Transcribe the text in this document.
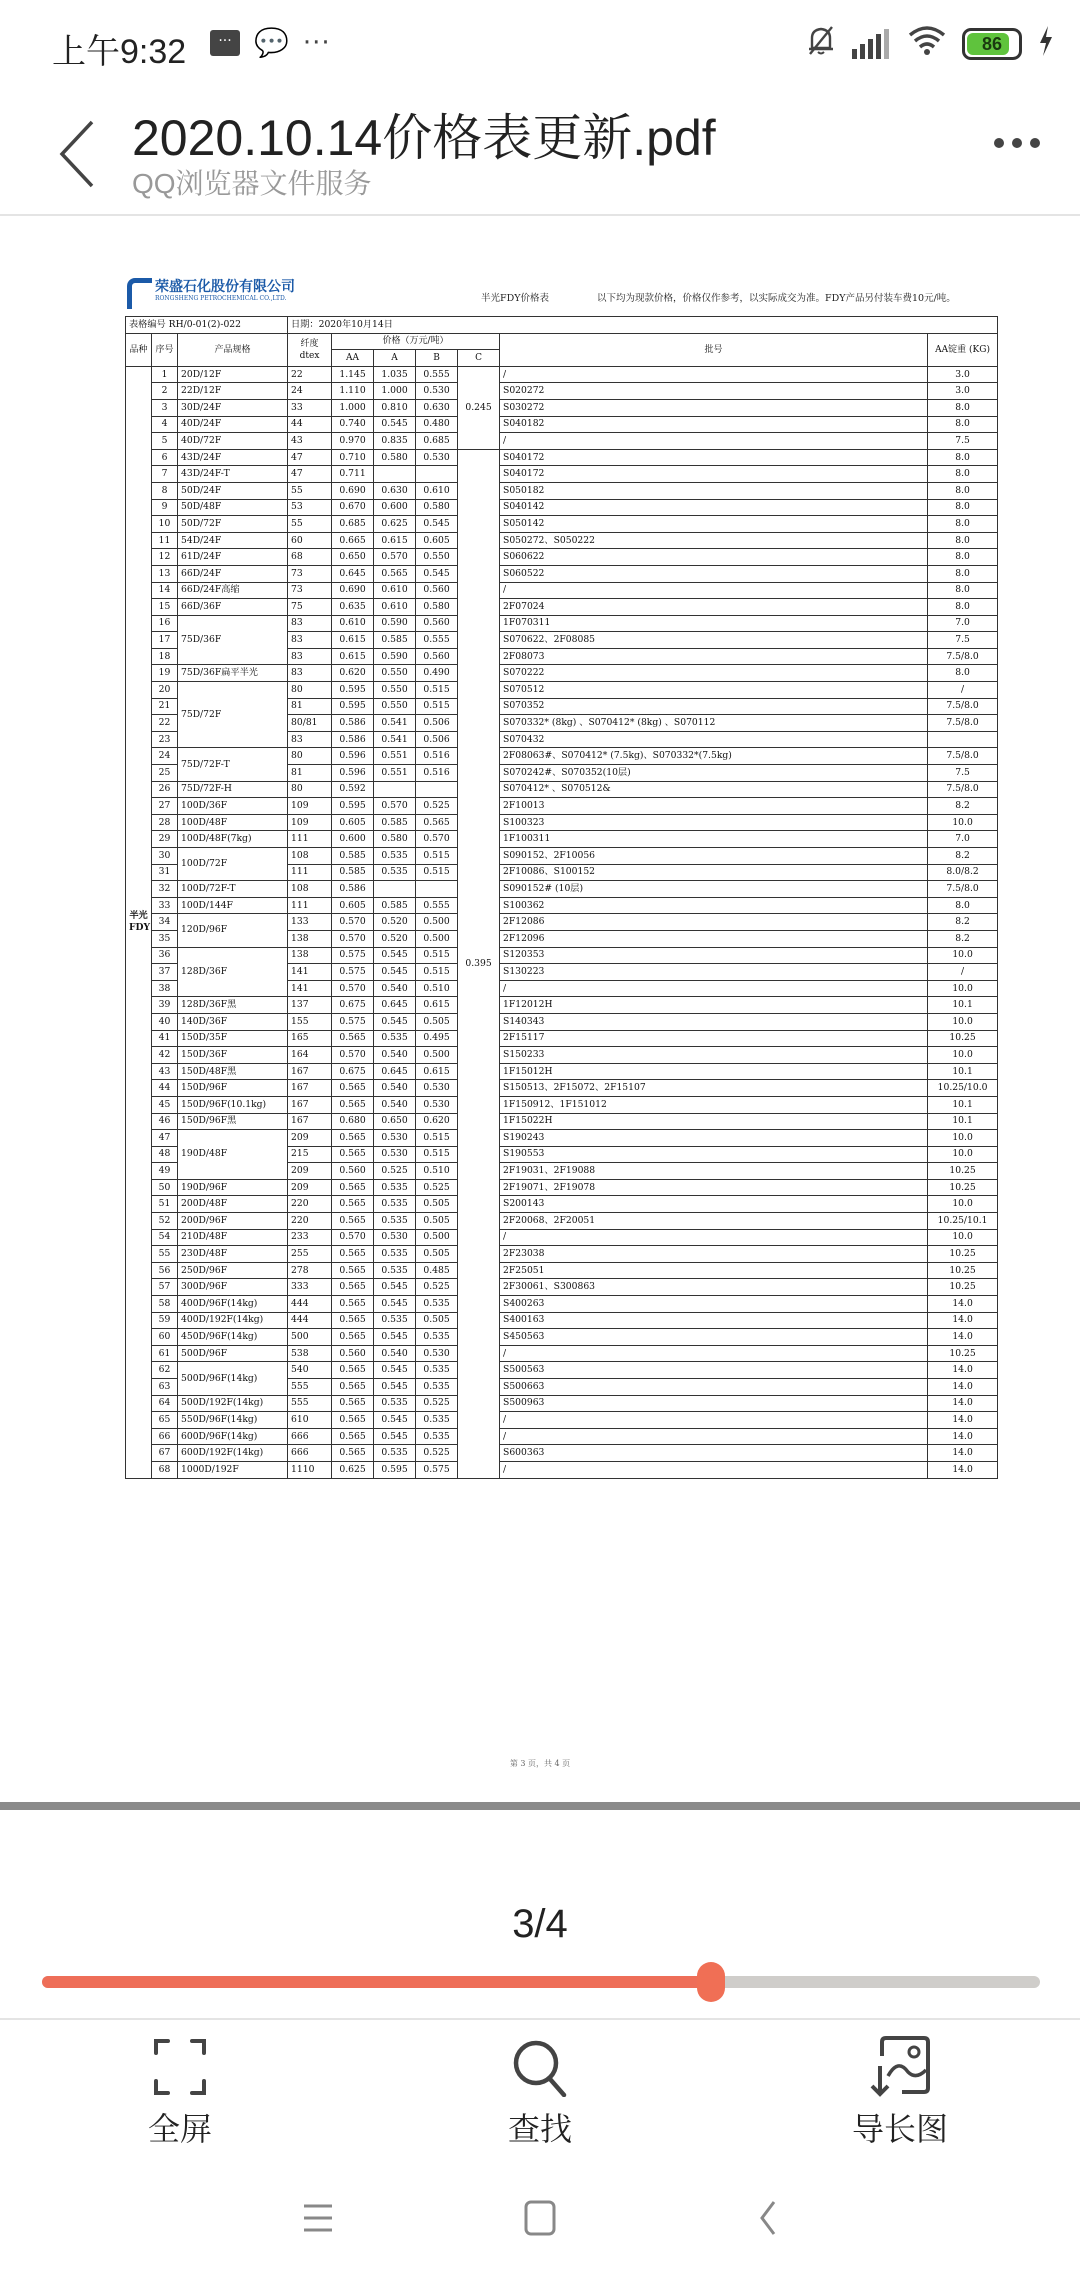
上午9:32	··· 💬 ···	86
2020.10.14价格表更新.pdf
QQ浏览器文件服务
荣盛石化股份有限公司
RONGSHENG PETROCHEMICAL CO.,LTD.	半光FDY价格表	以下均为现款价格，价格仅作参考，以实际成交为准。FDY产品另付装车费10元/吨。
表格编号 RH/0-01(2)-022			日期：2020年10月14日						
品种	序号	产品规格	纤度 dtex	价格（万元/吨）				批号	AA锭重 (KG)
				AA	A	B	C		
半光 FDY	1	20D/12F	22	1.145	1.035	0.555	0.245	/	3.0
	2	22D/12F	24	1.110	1.000	0.530		S020272	3.0
	3	30D/24F	33	1.000	0.810	0.630		S030272	8.0
	4	40D/24F	44	0.740	0.545	0.480		S040182	8.0
	5	40D/72F	43	0.970	0.835	0.685		/	7.5
	6	43D/24F	47	0.710	0.580	0.530	0.395	S040172	8.0
	7	43D/24F-T	47	0.711				S040172	8.0
	8	50D/24F	55	0.690	0.630	0.610		S050182	8.0
	9	50D/48F	53	0.670	0.600	0.580		S040142	8.0
	10	50D/72F	55	0.685	0.625	0.545		S050142	8.0
	11	54D/24F	60	0.665	0.615	0.605		S050272、S050222	8.0
	12	61D/24F	68	0.650	0.570	0.550		S060622	8.0
	13	66D/24F	73	0.645	0.565	0.545		S060522	8.0
	14	66D/24F高缩	73	0.690	0.610	0.560		/	8.0
	15	66D/36F	75	0.635	0.610	0.580		2F07024	8.0
	16	75D/36F	83	0.610	0.590	0.560		1F070311	7.0
	17		83	0.615	0.585	0.555		S070622、2F08085	7.5
	18		83	0.615	0.590	0.560		2F08073	7.5/8.0
	19	75D/36F扁平半光	83	0.620	0.550	0.490		S070222	8.0
	20	75D/72F	80	0.595	0.550	0.515		S070512	/
	21		81	0.595	0.550	0.515		S070352	7.5/8.0
	22		80/81	0.586	0.541	0.506		S070332* (8kg) 、S070412* (8kg) 、S070112	7.5/8.0
	23		83	0.586	0.541	0.506		S070432	
	24	75D/72F-T	80	0.596	0.551	0.516		2F08063#、S070412* (7.5kg)、S070332*(7.5kg)	7.5/8.0
	25		81	0.596	0.551	0.516		S070242#、S070352(10层)	7.5
	26	75D/72F-H	80	0.592				S070412* 、S070512&	7.5/8.0
	27	100D/36F	109	0.595	0.570	0.525		2F10013	8.2
	28	100D/48F	109	0.605	0.585	0.565		S100323	10.0
	29	100D/48F(7kg)	111	0.600	0.580	0.570		1F100311	7.0
	30	100D/72F	108	0.585	0.535	0.515		S090152、2F10056	8.2
	31		111	0.585	0.535	0.515		2F10086、S100152	8.0/8.2
	32	100D/72F-T	108	0.586				S090152# (10层)	7.5/8.0
	33	100D/144F	111	0.605	0.585	0.555		S100362	8.0
	34	120D/96F	133	0.570	0.520	0.500		2F12086	8.2
	35		138	0.570	0.520	0.500		2F12096	8.2
	36	128D/36F	138	0.575	0.545	0.515		S120353	10.0
	37		141	0.575	0.545	0.515		S130223	/
	38		141	0.570	0.540	0.510		/	10.0
	39	128D/36F黑	137	0.675	0.645	0.615		1F12012H	10.1
	40	140D/36F	155	0.575	0.545	0.505		S140343	10.0
	41	150D/35F	165	0.565	0.535	0.495		2F15117	10.25
	42	150D/36F	164	0.570	0.540	0.500		S150233	10.0
	43	150D/48F黑	167	0.675	0.645	0.615		1F15012H	10.1
	44	150D/96F	167	0.565	0.540	0.530		S150513、2F15072、2F15107	10.25/10.0
	45	150D/96F(10.1kg)	167	0.565	0.540	0.530		1F150912、1F151012	10.1
	46	150D/96F黑	167	0.680	0.650	0.620		1F15022H	10.1
	47	190D/48F	209	0.565	0.530	0.515		S190243	10.0
	48		215	0.565	0.530	0.515		S190553	10.0
	49		209	0.560	0.525	0.510		2F19031、2F19088	10.25
	50	190D/96F	209	0.565	0.535	0.525		2F19071、2F19078	10.25
	51	200D/48F	220	0.565	0.535	0.505		S200143	10.0
	52	200D/96F	220	0.565	0.535	0.505		2F20068、2F20051	10.25/10.1
	54	210D/48F	233	0.570	0.530	0.500		/	10.0
	55	230D/48F	255	0.565	0.535	0.505		2F23038	10.25
	56	250D/96F	278	0.565	0.535	0.485		2F25051	10.25
	57	300D/96F	333	0.565	0.545	0.525		2F30061、S300863	10.25
	58	400D/96F(14kg)	444	0.565	0.545	0.535		S400263	14.0
	59	400D/192F(14kg)	444	0.565	0.535	0.505		S400163	14.0
	60	450D/96F(14kg)	500	0.565	0.545	0.535		S450563	14.0
	61	500D/96F	538	0.560	0.540	0.530		/	10.25
	62	500D/96F(14kg)	540	0.565	0.545	0.535		S500563	14.0
	63		555	0.565	0.545	0.535		S500663	14.0
	64	500D/192F(14kg)	555	0.565	0.535	0.525		S500963	14.0
	65	550D/96F(14kg)	610	0.565	0.545	0.535		/	14.0
	66	600D/96F(14kg)	666	0.565	0.545	0.535		/	14.0
	67	600D/192F(14kg)	666	0.565	0.535	0.525		S600363	14.0
	68	1000D/192F	1110	0.625	0.595	0.575		/	14.0
第 3 页，共 4 页
3/4
全屏	查找	导长图
